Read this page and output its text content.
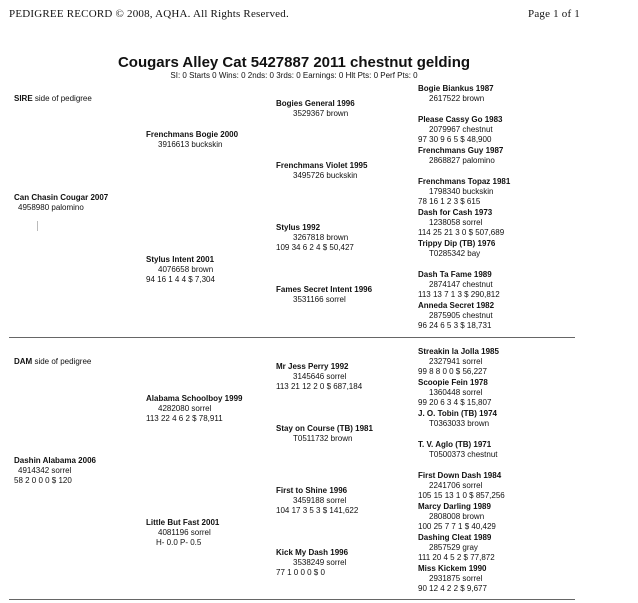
PEDIGREE RECORD © 2008, AQHA. All Rights Reserved.	Page 1 of 1
Cougars Alley Cat 5427887 2011 chestnut gelding
SI: 0 Starts 0 Wins: 0 2nds: 0 3rds: 0 Earnings: 0 Hlt Pts: 0 Perf Pts: 0
SIRE side of pedigree
Can Chasin Cougar 2007
4958980 palomino
Frenchmans Bogie 2000
3916613 buckskin
Stylus Intent 2001
4076658 brown
94 16 1 4 4 $ 7,304
Bogies General 1996
3529367 brown
Frenchmans Violet 1995
3495726 buckskin
Stylus 1992
3267818 brown
109 34 6 2 4 $ 50,427
Fames Secret Intent 1996
3531166 sorrel
Bogie Biankus 1987
2617522 brown
Please Cassy Go 1983
2079967 chestnut
97 30 9 6 5 $ 48,900
Frenchmans Guy 1987
2868827 palomino
Frenchmans Topaz 1981
1798340 buckskin
78 16 1 2 3 $ 615
Dash for Cash 1973
1238058 sorrel
114 25 21 3 0 $ 507,689
Trippy Dip (TB) 1976
T0285342 bay
Dash Ta Fame 1989
2874147 chestnut
113 13 7 1 3 $ 290,812
Anneda Secret 1982
2875905 chestnut
96 24 6 5 3 $ 18,731
DAM side of pedigree
Dashin Alabama 2006
4914342 sorrel
58 2 0 0 0 $ 120
Alabama Schoolboy 1999
4282080 sorrel
113 22 4 6 2 $ 78,911
Little But Fast 2001
4081196 sorrel
H- 0.0 P- 0.5
Mr Jess Perry 1992
3145646 sorrel
113 21 12 2 0 $ 687,184
Stay on Course (TB) 1981
T0511732 brown
First to Shine 1996
3459188 sorrel
104 17 3 5 3 $ 141,622
Kick My Dash 1996
3538249 sorrel
77 1 0 0 0 $ 0
Streakin la Jolla 1985
2327941 sorrel
99 8 8 0 0 $ 56,227
Scoopie Fein 1978
1360448 sorrel
99 20 6 3 4 $ 15,807
J. O. Tobin (TB) 1974
T0363033 brown
T. V. Aglo (TB) 1971
T0500373 chestnut
First Down Dash 1984
2241706 sorrel
105 15 13 1 0 $ 857,256
Marcy Darling 1989
2808008 brown
100 25 7 7 1 $ 40,429
Dashing Cleat 1989
2857529 gray
111 20 4 5 2 $ 77,872
Miss Kickem 1990
2931875 sorrel
90 12 4 2 2 $ 9,677
